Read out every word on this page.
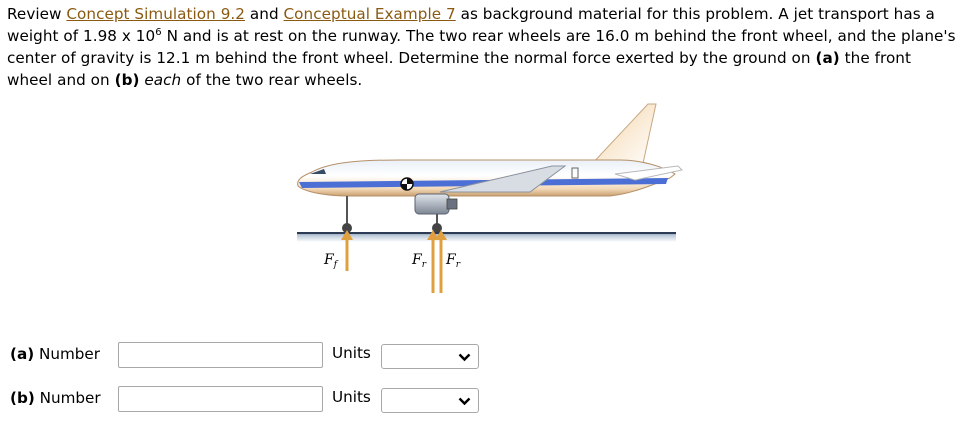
Review Concept Simulation 9.2 and Conceptual Example 7 as background material for this problem. A jet transport has a weight of 1.98 x $10^6$ N and is at rest on the runway. The two rear wheels are 16.0 m behind the front wheel, and the plane's center of gravity is 12.1 m behind the front wheel. Determine the normal force exerted by the ground on (a) the front wheel and on (b) each of the two rear wheels.
$F_f$	$F_r$ $F_r$
(a) Number	Units
(b) Number	Units
